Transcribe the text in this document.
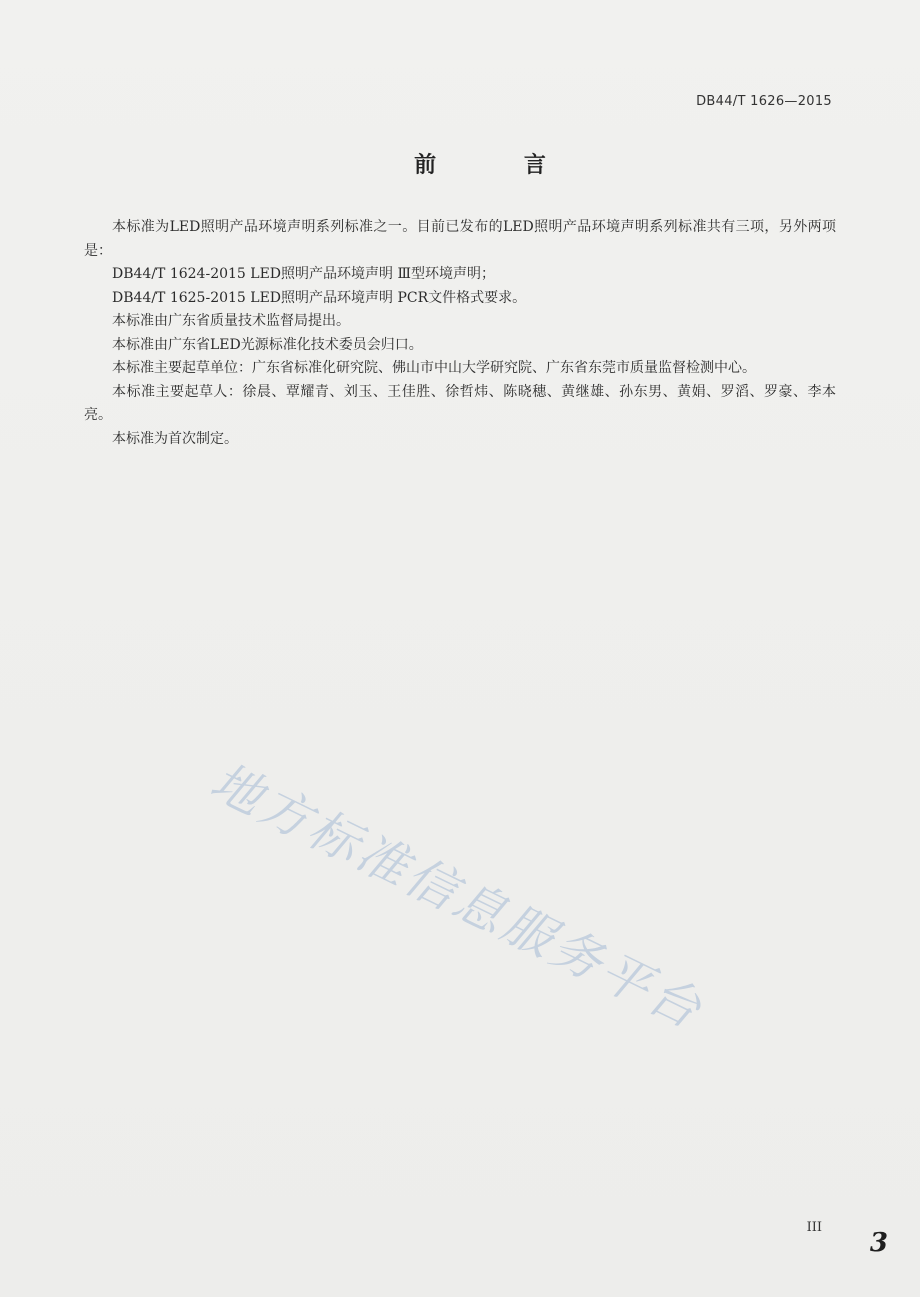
DB44/T 1626—2015
前 言

本标准为LED照明产品环境声明系列标准之一。目前已发布的LED照明产品环境声明系列标准共有三项，另外两项是：

DB44/T 1624-2015 LED照明产品环境声明 Ⅲ型环境声明；

DB44/T 1625-2015 LED照明产品环境声明 PCR文件格式要求。

本标准由广东省质量技术监督局提出。

本标准由广东省LED光源标准化技术委员会归口。

本标准主要起草单位：广东省标准化研究院、佛山市中山大学研究院、广东省东莞市质量监督检测中心。

本标准主要起草人：徐晨、覃耀青、刘玉、王佳胜、徐哲炜、陈晓穗、黄继雄、孙东男、黄娟、罗滔、罗豪、李本亮。

本标准为首次制定。

地方标准信息服务平台
III
3
